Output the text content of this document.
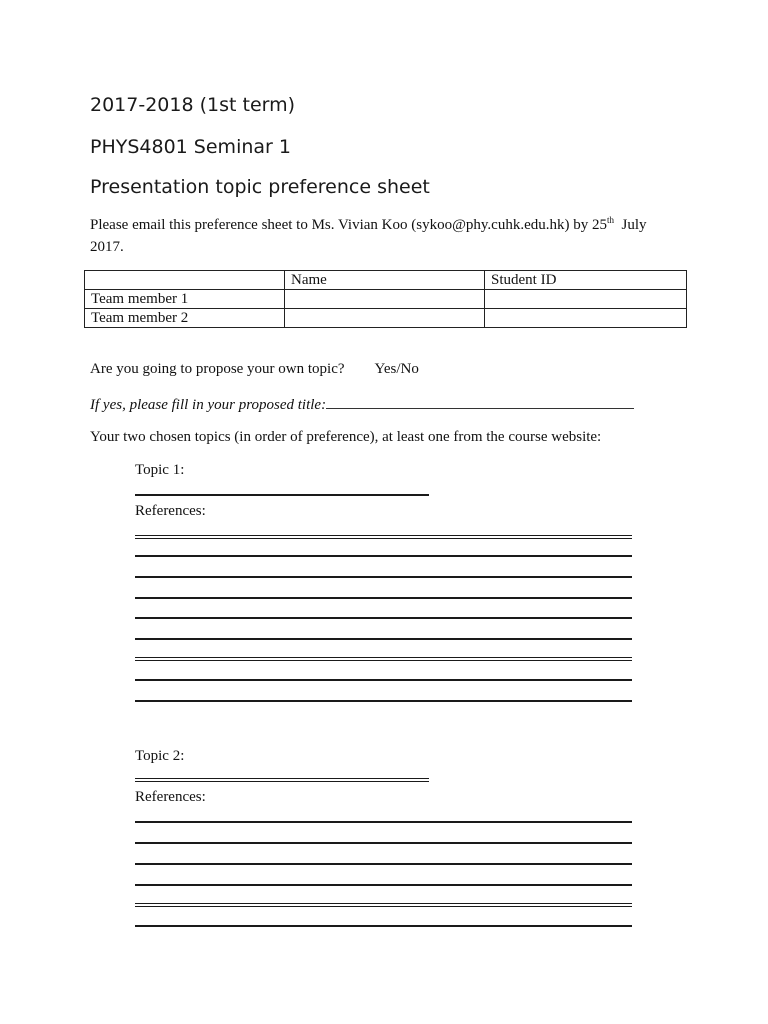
2017-2018 (1st term)
PHYS4801 Seminar 1
Presentation topic preference sheet

Please email this preference sheet to Ms. Vivian Koo (sykoo@phy.cuhk.edu.hk) by 25th  July

2017.

	Name	Student ID
Team member 1		
Team member 2		

Are you going to propose your own topic? Yes/No

If yes, please fill in your proposed title:

Your two chosen topics (in order of preference), at least one from the course website:

Topic 1:

References:

Topic 2:

References:
